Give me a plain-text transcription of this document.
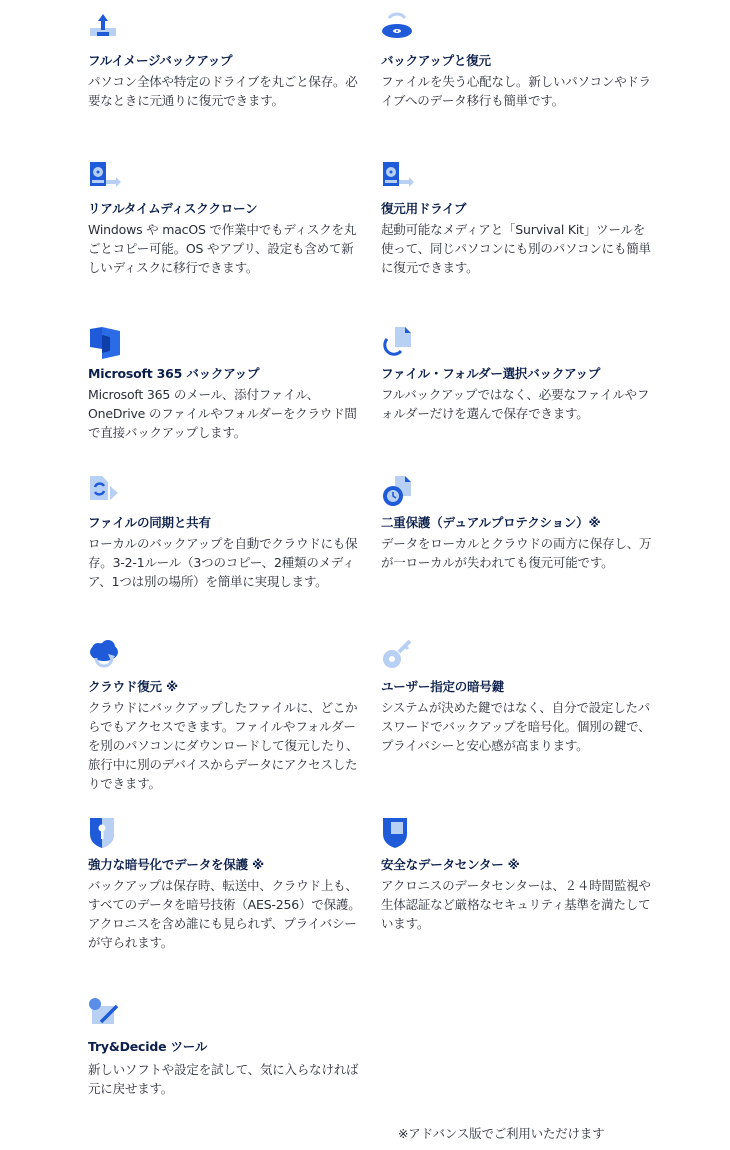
フルイメージバックアップ
パソコン全体や特定のドライブを丸ごと保存。必要なときに元通りに復元できます。
バックアップと復元
ファイルを失う心配なし。新しいパソコンやドライブへのデータ移行も簡単です。
リアルタイムディスククローン
Windows や macOS で作業中でもディスクを丸ごとコピー可能。OS やアプリ、設定も含めて新しいディスクに移行できます。
復元用ドライブ
起動可能なメディアと「Survival Kit」ツールを使って、同じパソコンにも別のパソコンにも簡単に復元できます。
Microsoft 365 バックアップ
Microsoft 365 のメール、添付ファイル、OneDrive のファイルやフォルダーをクラウド間で直接バックアップします。
ファイル・フォルダー選択バックアップ
フルバックアップではなく、必要なファイルやフォルダーだけを選んで保存できます。
ファイルの同期と共有
ローカルのバックアップを自動でクラウドにも保存。3-2-1ルール（3つのコピー、2種類のメディア、1つは別の場所）を簡単に実現します。
二重保護（デュアルプロテクション）※
データをローカルとクラウドの両方に保存し、万が一ローカルが失われても復元可能です。
クラウド復元 ※
クラウドにバックアップしたファイルに、どこからでもアクセスできます。ファイルやフォルダーを別のパソコンにダウンロードして復元したり、旅行中に別のデバイスからデータにアクセスしたりできます。
ユーザー指定の暗号鍵
システムが決めた鍵ではなく、自分で設定したパスワードでバックアップを暗号化。個別の鍵で、プライバシーと安心感が高まります。
強力な暗号化でデータを保護 ※
バックアップは保存時、転送中、クラウド上も、すべてのデータを暗号技術（AES-256）で保護。アクロニスを含め誰にも見られず、プライバシーが守られます。
安全なデータセンター ※
アクロニスのデータセンターは、２４時間監視や生体認証など厳格なセキュリティ基準を満たしています。
Try&Decide ツール
新しいソフトや設定を試して、気に入らなければ元に戻せます。
※アドバンス版でご利用いただけます
